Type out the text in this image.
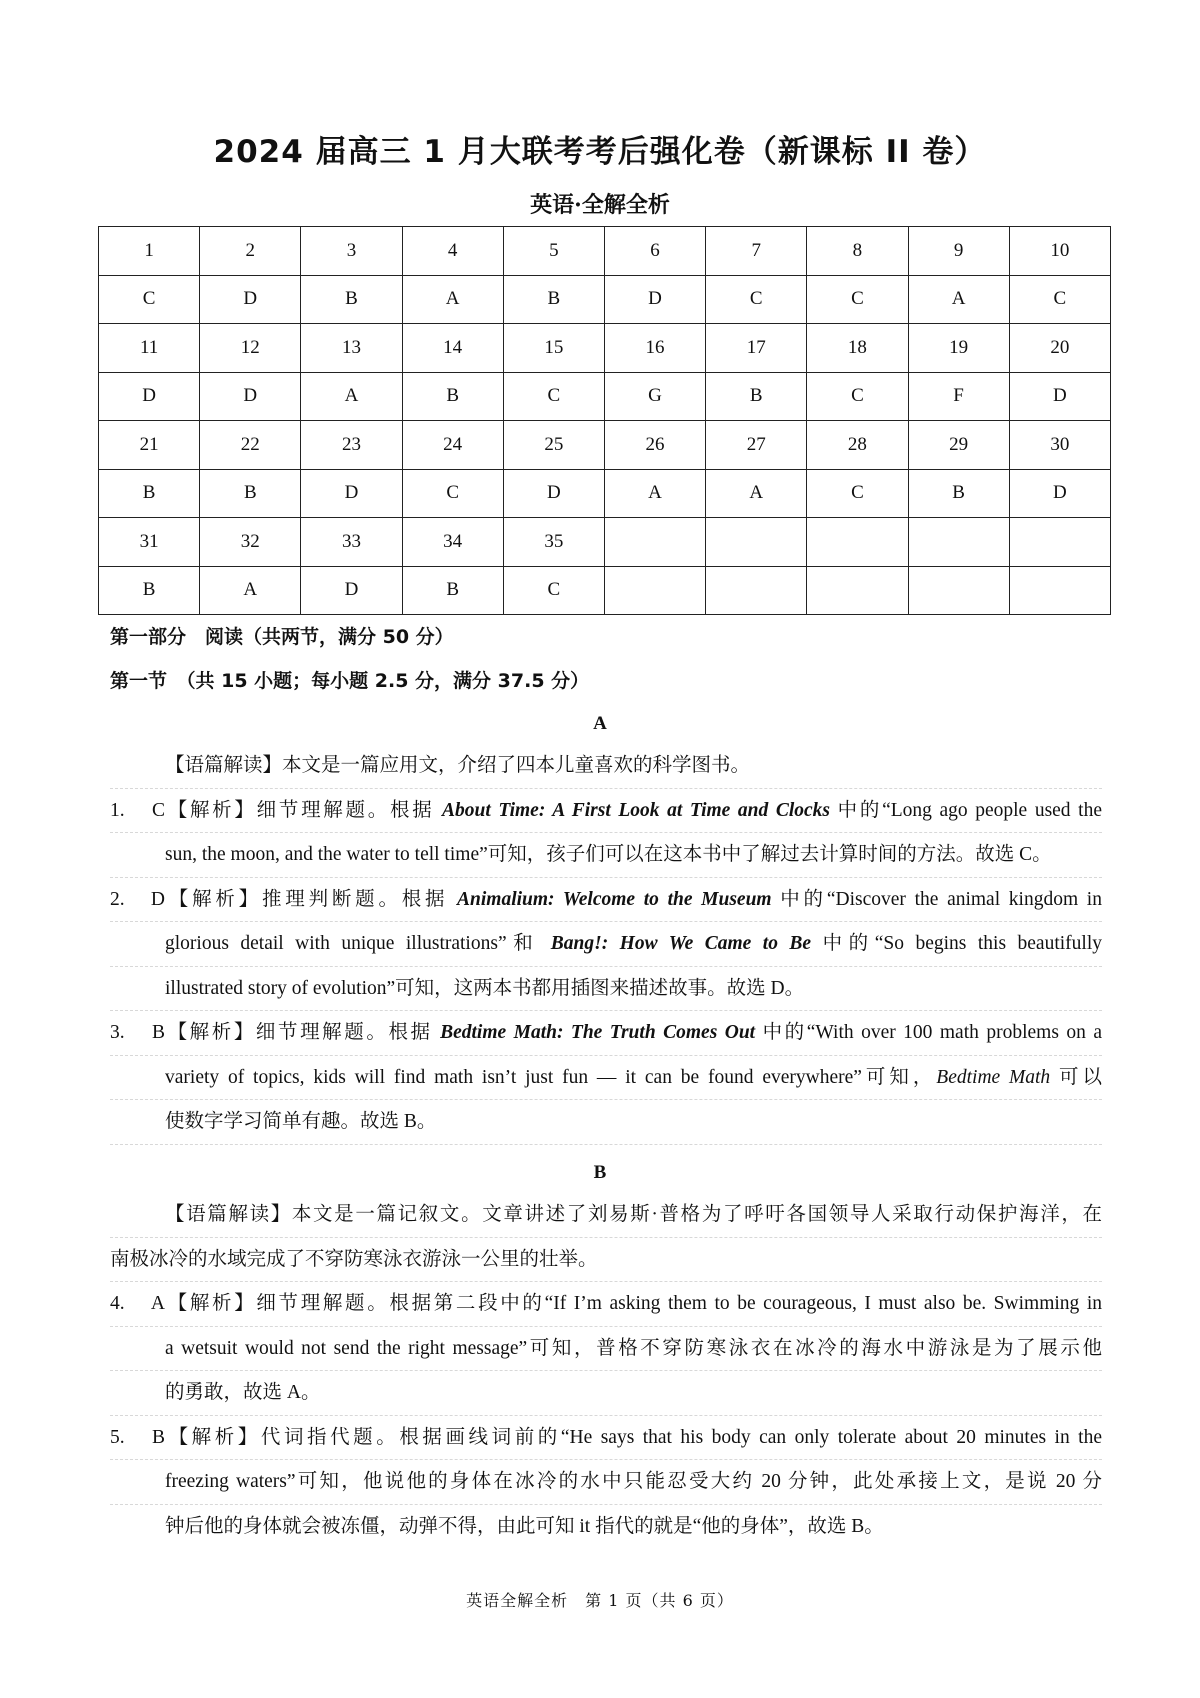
2024 届高三 1 月大联考考后强化卷（新课标 II 卷）
英语·全解全析
1	2	3	4	5	6	7	8	9	10
C	D	B	A	B	D	C	C	A	C
11	12	13	14	15	16	17	18	19	20
D	D	A	B	C	G	B	C	F	D
21	22	23	24	25	26	27	28	29	30
B	B	D	C	D	A	A	C	B	D
31	32	33	34	35					
B	A	D	B	C					
第一部分　阅读（共两节，满分 50 分）
第一节　（共 15 小题；每小题 2.5 分，满分 37.5 分）
A
【语篇解读】本文是一篇应用文，介绍了四本儿童喜欢的科学图书。
1. C【解析】细节理解题。根据 About Time: A First Look at Time and Clocks 中的“Long ago people used the
sun, the moon, and the water to tell time”可知，孩子们可以在这本书中了解过去计算时间的方法。故选 C。
2. D【解析】推理判断题。根据 Animalium: Welcome to the Museum 中的“Discover the animal kingdom in
glorious detail with unique illustrations”和 Bang!: How We Came to Be 中的“So begins this beautifully
illustrated story of evolution”可知，这两本书都用插图来描述故事。故选 D。
3. B【解析】细节理解题。根据 Bedtime Math: The Truth Comes Out 中的“With over 100 math problems on a
variety of topics, kids will find math isn’t just fun — it can be found everywhere”可知，Bedtime Math 可以
使数字学习简单有趣。故选 B。
B
【语篇解读】本文是一篇记叙文。文章讲述了刘易斯·普格为了呼吁各国领导人采取行动保护海洋，在
南极冰冷的水域完成了不穿防寒泳衣游泳一公里的壮举。
4. A【解析】细节理解题。根据第二段中的“If I’m asking them to be courageous, I must also be. Swimming in
a wetsuit would not send the right message”可知，普格不穿防寒泳衣在冰冷的海水中游泳是为了展示他
的勇敢，故选 A。
5. B【解析】代词指代题。根据画线词前的“He says that his body can only tolerate about 20 minutes in the
freezing waters”可知，他说他的身体在冰冷的水中只能忍受大约 20 分钟，此处承接上文，是说 20 分
钟后他的身体就会被冻僵，动弹不得，由此可知 it 指代的就是“他的身体”，故选 B。
英语全解全析　第 1 页（共 6 页）
